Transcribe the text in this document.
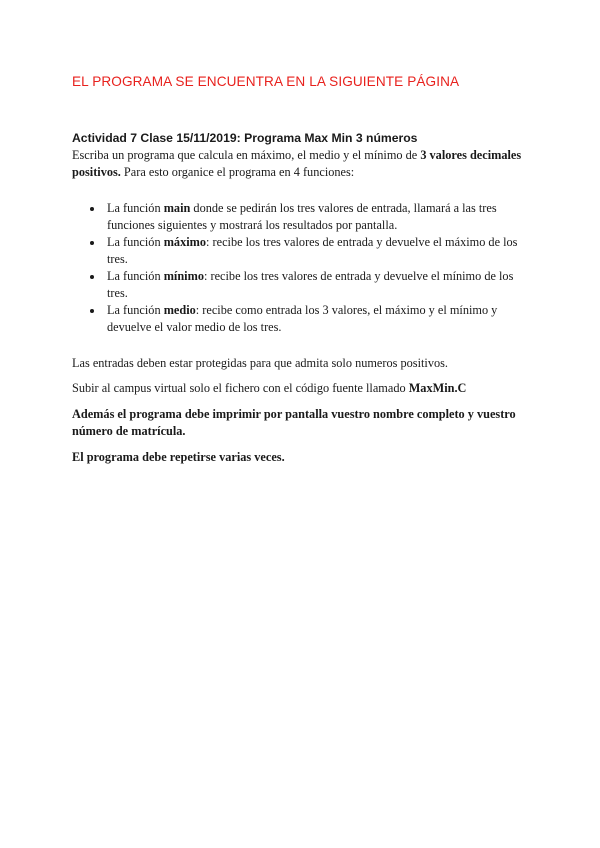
EL PROGRAMA SE ENCUENTRA EN LA SIGUIENTE PÁGINA

Actividad 7 Clase 15/11/2019: Programa Max Min 3 números

Escriba un programa que calcula en máximo, el medio y el mínimo de 3 valores decimales positivos. Para esto organice el programa en 4 funciones:

La función main donde se pedirán los tres valores de entrada, llamará a las tres funciones siguientes y mostrará los resultados por pantalla.
La función máximo: recibe los tres valores de entrada y devuelve el máximo de los tres.
La función mínimo: recibe los tres valores de entrada y devuelve el mínimo de los tres.
La función medio: recibe como entrada los 3 valores, el máximo y el mínimo y devuelve el valor medio de los tres.

Las entradas deben estar protegidas para que admita solo numeros positivos.

Subir al campus virtual solo el fichero con el código fuente llamado MaxMin.C

Además el programa debe imprimir por pantalla vuestro nombre completo y vuestro número de matrícula.

El programa debe repetirse varias veces.
